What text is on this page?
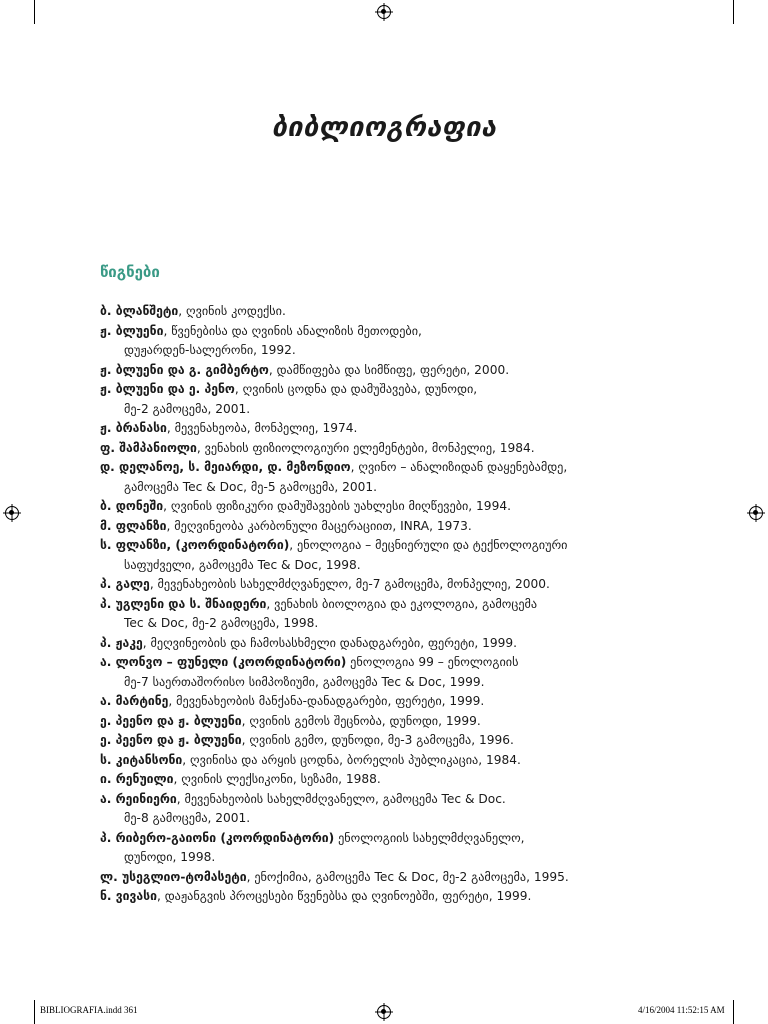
ბიბლიოგრაფია
წიგნები
ბ. ბლანშეტი, ღვინის კოდექსი.
ჟ. ბლუენი, წვენებისა და ღვინის ანალიზის მეთოდები,
დუჟარდენ-სალერონი, 1992.
ჟ. ბლუენი და გ. გიმბერტო, დამწიფება და სიმწიფე, ფერეტი, 2000.
ჟ. ბლუენი და ე. პენო, ღვინის ცოდნა და დამუშავება, დუნოდი,
მე-2 გამოცემა, 2001.
ჟ. ბრანასი, მევენახეობა, მონპელიე, 1974.
ფ. შამპანიოლი, ვენახის ფიზიოლოგიური ელემენტები, მონპელიე, 1984.
დ. დელანოე, ს. მეიარდი, დ. მეზონდიო, ღვინო – ანალიზიდან დაყენებამდე,
გამოცემა Tec & Doc, მე-5 გამოცემა, 2001.
ბ. დონეში, ღვინის ფიზიკური დამუშავების უახლესი მიღწევები, 1994.
მ. ფლანზი, მეღვინეობა კარბონული მაცერაციით, INRA, 1973.
ს. ფლანზი, (კოორდინატორი), ენოლოგია – მეცნიერული და ტექნოლოგიური
საფუძველი, გამოცემა Tec & Doc, 1998.
პ. გალე, მევენახეობის სახელმძღვანელო, მე-7 გამოცემა, მონპელიე, 2000.
პ. უგლენი და ს. შნაიდერი, ვენახის ბიოლოგია და ეკოლოგია, გამოცემა
Tec & Doc, მე-2 გამოცემა, 1998.
პ. ჟაკე, მეღვინეობის და ჩამოსასხმელი დანადგარები, ფერეტი, 1999.
ა. ლონვო – ფუნელი (კოორდინატორი) ენოლოგია 99 – ენოლოგიის
მე-7 საერთაშორისო სიმპოზიუმი, გამოცემა Tec & Doc, 1999.
ა. მარტინე, მევენახეობის მანქანა-დანადგარები, ფერეტი, 1999.
ე. პეენო და ჟ. ბლუენი, ღვინის გემოს შეცნობა, დუნოდი, 1999.
ე. პეენო და ჟ. ბლუენი, ღვინის გემო, დუნოდი, მე-3 გამოცემა, 1996.
ს. კიტანსონი, ღვინისა და არყის ცოდნა, ბორელის პუბლიკაცია, 1984.
ი. რენუილი, ღვინის ლექსიკონი, სეზამი, 1988.
ა. რეინიერი, მევენახეობის სახელმძღვანელო, გამოცემა Tec & Doc.
მე-8 გამოცემა, 2001.
პ. რიბერო-გაიონი (კოორდინატორი) ენოლოგიის სახელმძღვანელო,
დუნოდი, 1998.
ლ. უსეგლიო-ტომასეტი, ენოქიმია, გამოცემა Tec & Doc, მე-2 გამოცემა, 1995.
ნ. ვივასი, დაჟანგვის პროცესები წვენებსა და ღვინოებში, ფერეტი, 1999.
BIBLIOGRAFIA.indd 361	4/16/2004 11:52:15 AM
